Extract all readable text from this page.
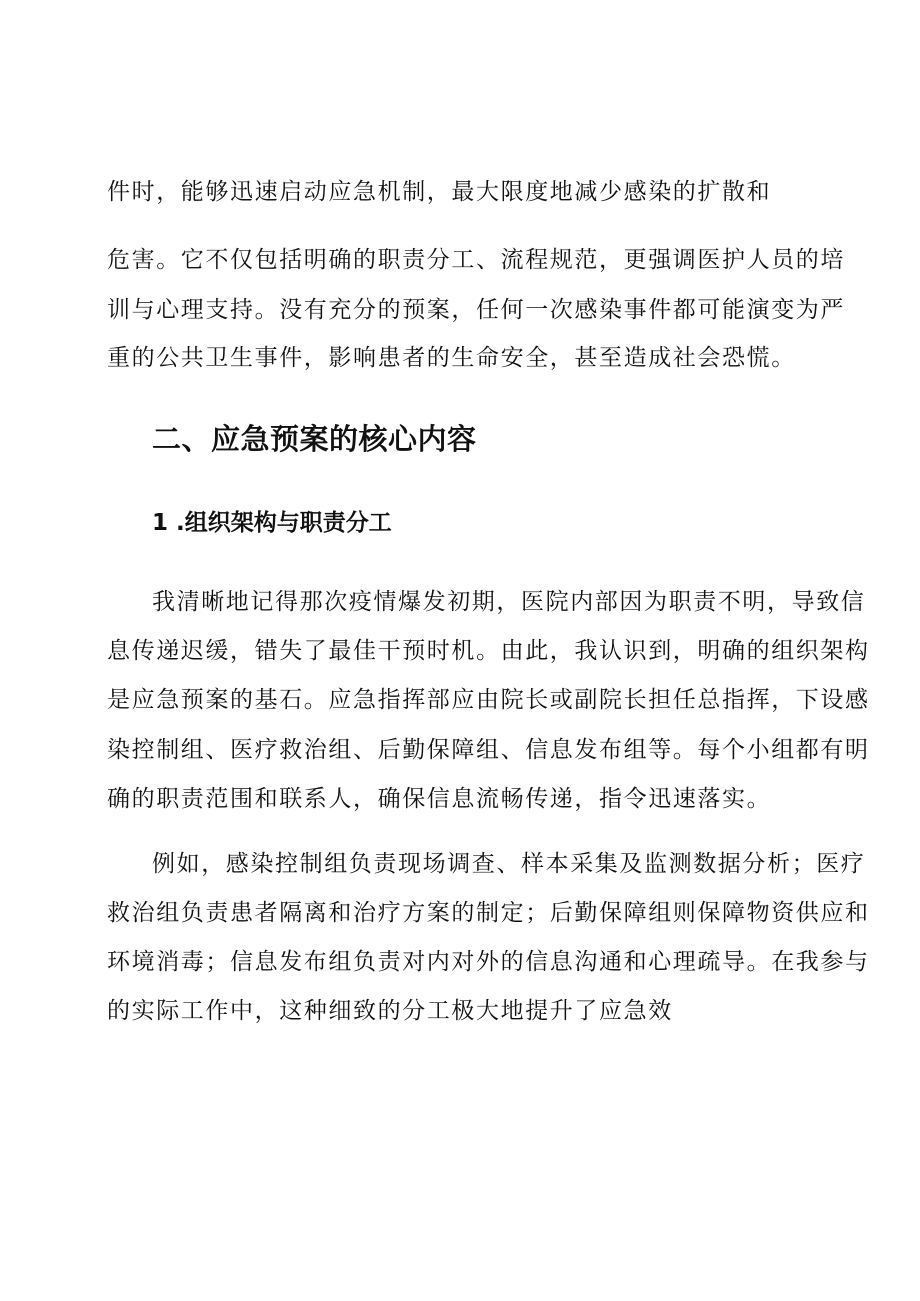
件时，能够迅速启动应急机制，最大限度地减少感染的扩散和
危害。它不仅包括明确的职责分工、流程规范，更强调医护人员的培
训与心理支持。没有充分的预案，任何一次感染事件都可能演变为严
重的公共卫生事件，影响患者的生命安全，甚至造成社会恐慌。
二、应急预案的核心内容
1 .组织架构与职责分工
我清晰地记得那次疫情爆发初期，医院内部因为职责不明，导致信
息传递迟缓，错失了最佳干预时机。由此，我认识到，明确的组织架构
是应急预案的基石。应急指挥部应由院长或副院长担任总指挥，下设感
染控制组、医疗救治组、后勤保障组、信息发布组等。每个小组都有明
确的职责范围和联系人，确保信息流畅传递，指令迅速落实。
例如，感染控制组负责现场调查、样本采集及监测数据分析；医疗
救治组负责患者隔离和治疗方案的制定；后勤保障组则保障物资供应和
环境消毒；信息发布组负责对内对外的信息沟通和心理疏导。在我参与
的实际工作中，这种细致的分工极大地提升了应急效
